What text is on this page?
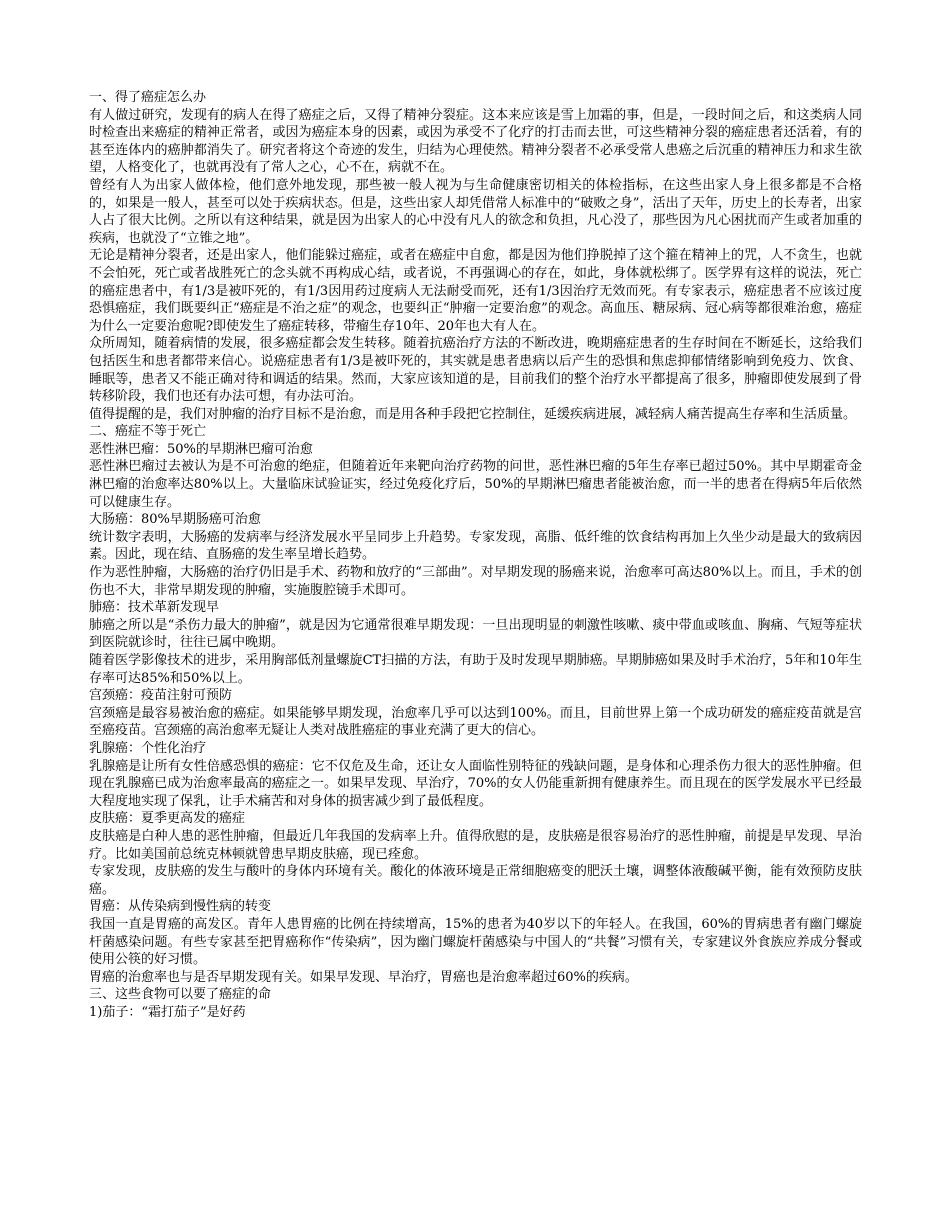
一、得了癌症怎么办

有人做过研究，发现有的病人在得了癌症之后，又得了精神分裂症。这本来应该是雪上加霜的事，但是，一段时间之后，和这类病人同时检查出来癌症的精神正常者，或因为癌症本身的因素，或因为承受不了化疗的打击而去世，可这些精神分裂的癌症患者还活着，有的甚至连体内的癌肿都消失了。研究者将这个奇迹的发生，归结为心理使然。精神分裂者不必承受常人患癌之后沉重的精神压力和求生欲望，人格变化了，也就再没有了常人之心，心不在，病就不在。

曾经有人为出家人做体检，他们意外地发现，那些被一般人视为与生命健康密切相关的体检指标，在这些出家人身上很多都是不合格的，如果是一般人，甚至可以处于疾病状态。但是，这些出家人却凭借常人标准中的“破败之身”，活出了天年，历史上的长寿者，出家人占了很大比例。之所以有这种结果，就是因为出家人的心中没有凡人的欲念和负担，凡心没了，那些因为凡心困扰而产生或者加重的疾病，也就没了“立锥之地”。

无论是精神分裂者，还是出家人，他们能躲过癌症，或者在癌症中自愈，都是因为他们挣脱掉了这个箍在精神上的咒，人不贪生，也就不会怕死，死亡或者战胜死亡的念头就不再构成心结，或者说，不再强调心的存在，如此，身体就松绑了。医学界有这样的说法，死亡的癌症患者中，有1/3是被吓死的，有1/3因用药过度病人无法耐受而死，还有1/3因治疗无效而死。有专家表示，癌症患者不应该过度恐惧癌症，我们既要纠正“癌症是不治之症”的观念，也要纠正“肿瘤一定要治愈”的观念。高血压、糖尿病、冠心病等都很难治愈，癌症为什么一定要治愈呢?即使发生了癌症转移，带瘤生存10年、20年也大有人在。

众所周知，随着病情的发展，很多癌症都会发生转移。随着抗癌治疗方法的不断改进，晚期癌症患者的生存时间在不断延长，这给我们包括医生和患者都带来信心。说癌症患者有1/3是被吓死的，其实就是患者患病以后产生的恐惧和焦虑抑郁情绪影响到免疫力、饮食、睡眠等，患者又不能正确对待和调适的结果。然而，大家应该知道的是，目前我们的整个治疗水平都提高了很多，肿瘤即使发展到了骨转移阶段，我们也还有办法可想，有办法可治。

值得提醒的是，我们对肿瘤的治疗目标不是治愈，而是用各种手段把它控制住，延缓疾病进展，减轻病人痛苦提高生存率和生活质量。

二、癌症不等于死亡

恶性淋巴瘤：50%的早期淋巴瘤可治愈

恶性淋巴瘤过去被认为是不可治愈的绝症，但随着近年来靶向治疗药物的问世，恶性淋巴瘤的5年生存率已超过50%。其中早期霍奇金淋巴瘤的治愈率达80%以上。大量临床试验证实，经过免疫化疗后，50%的早期淋巴瘤患者能被治愈，而一半的患者在得病5年后依然可以健康生存。

大肠癌：80%早期肠癌可治愈

统计数字表明，大肠癌的发病率与经济发展水平呈同步上升趋势。专家发现，高脂、低纤维的饮食结构再加上久坐少动是最大的致病因素。因此，现在结、直肠癌的发生率呈增长趋势。

作为恶性肿瘤，大肠癌的治疗仍旧是手术、药物和放疗的“三部曲”。对早期发现的肠癌来说，治愈率可高达80%以上。而且，手术的创伤也不大，非常早期发现的肿瘤，实施腹腔镜手术即可。

肺癌：技术革新发现早

肺癌之所以是“杀伤力最大的肿瘤”，就是因为它通常很难早期发现：一旦出现明显的刺激性咳嗽、痰中带血或咳血、胸痛、气短等症状到医院就诊时，往往已属中晚期。

随着医学影像技术的进步，采用胸部低剂量螺旋CT扫描的方法，有助于及时发现早期肺癌。早期肺癌如果及时手术治疗，5年和10年生存率可达85%和50%以上。

宫颈癌：疫苗注射可预防

宫颈癌是最容易被治愈的癌症。如果能够早期发现，治愈率几乎可以达到100%。而且，目前世界上第一个成功研发的癌症疫苗就是宫至癌疫苗。宫颈癌的高治愈率无疑让人类对战胜癌症的事业充满了更大的信心。

乳腺癌：个性化治疗

乳腺癌是让所有女性倍感恐惧的癌症：它不仅危及生命，还让女人面临性别特征的残缺问题，是身体和心理杀伤力很大的恶性肿瘤。但现在乳腺癌已成为治愈率最高的癌症之一。如果早发现、早治疗，70%的女人仍能重新拥有健康养生。而且现在的医学发展水平已经最大程度地实现了保乳，让手术痛苦和对身体的损害减少到了最低程度。

皮肤癌：夏季更高发的癌症

皮肤癌是白种人患的恶性肿瘤，但最近几年我国的发病率上升。值得欣慰的是，皮肤癌是很容易治疗的恶性肿瘤，前提是早发现、早治疗。比如美国前总统克林顿就曾患早期皮肤癌，现已痊愈。

专家发现，皮肤癌的发生与酸叶的身体内环境有关。酸化的体液环境是正常细胞癌变的肥沃土壤，调整体液酸碱平衡，能有效预防皮肤癌。

胃癌：从传染病到慢性病的转变

我国一直是胃癌的高发区。青年人患胃癌的比例在持续增高，15%的患者为40岁以下的年轻人。在我国，60%的胃病患者有幽门螺旋杆菌感染问题。有些专家甚至把胃癌称作“传染病”，因为幽门螺旋杆菌感染与中国人的“共餐”习惯有关，专家建议外食族应养成分餐或使用公筷的好习惯。

胃癌的治愈率也与是否早期发现有关。如果早发现、早治疗，胃癌也是治愈率超过60%的疾病。

三、这些食物可以要了癌症的命

1)茄子：“霜打茄子”是好药
